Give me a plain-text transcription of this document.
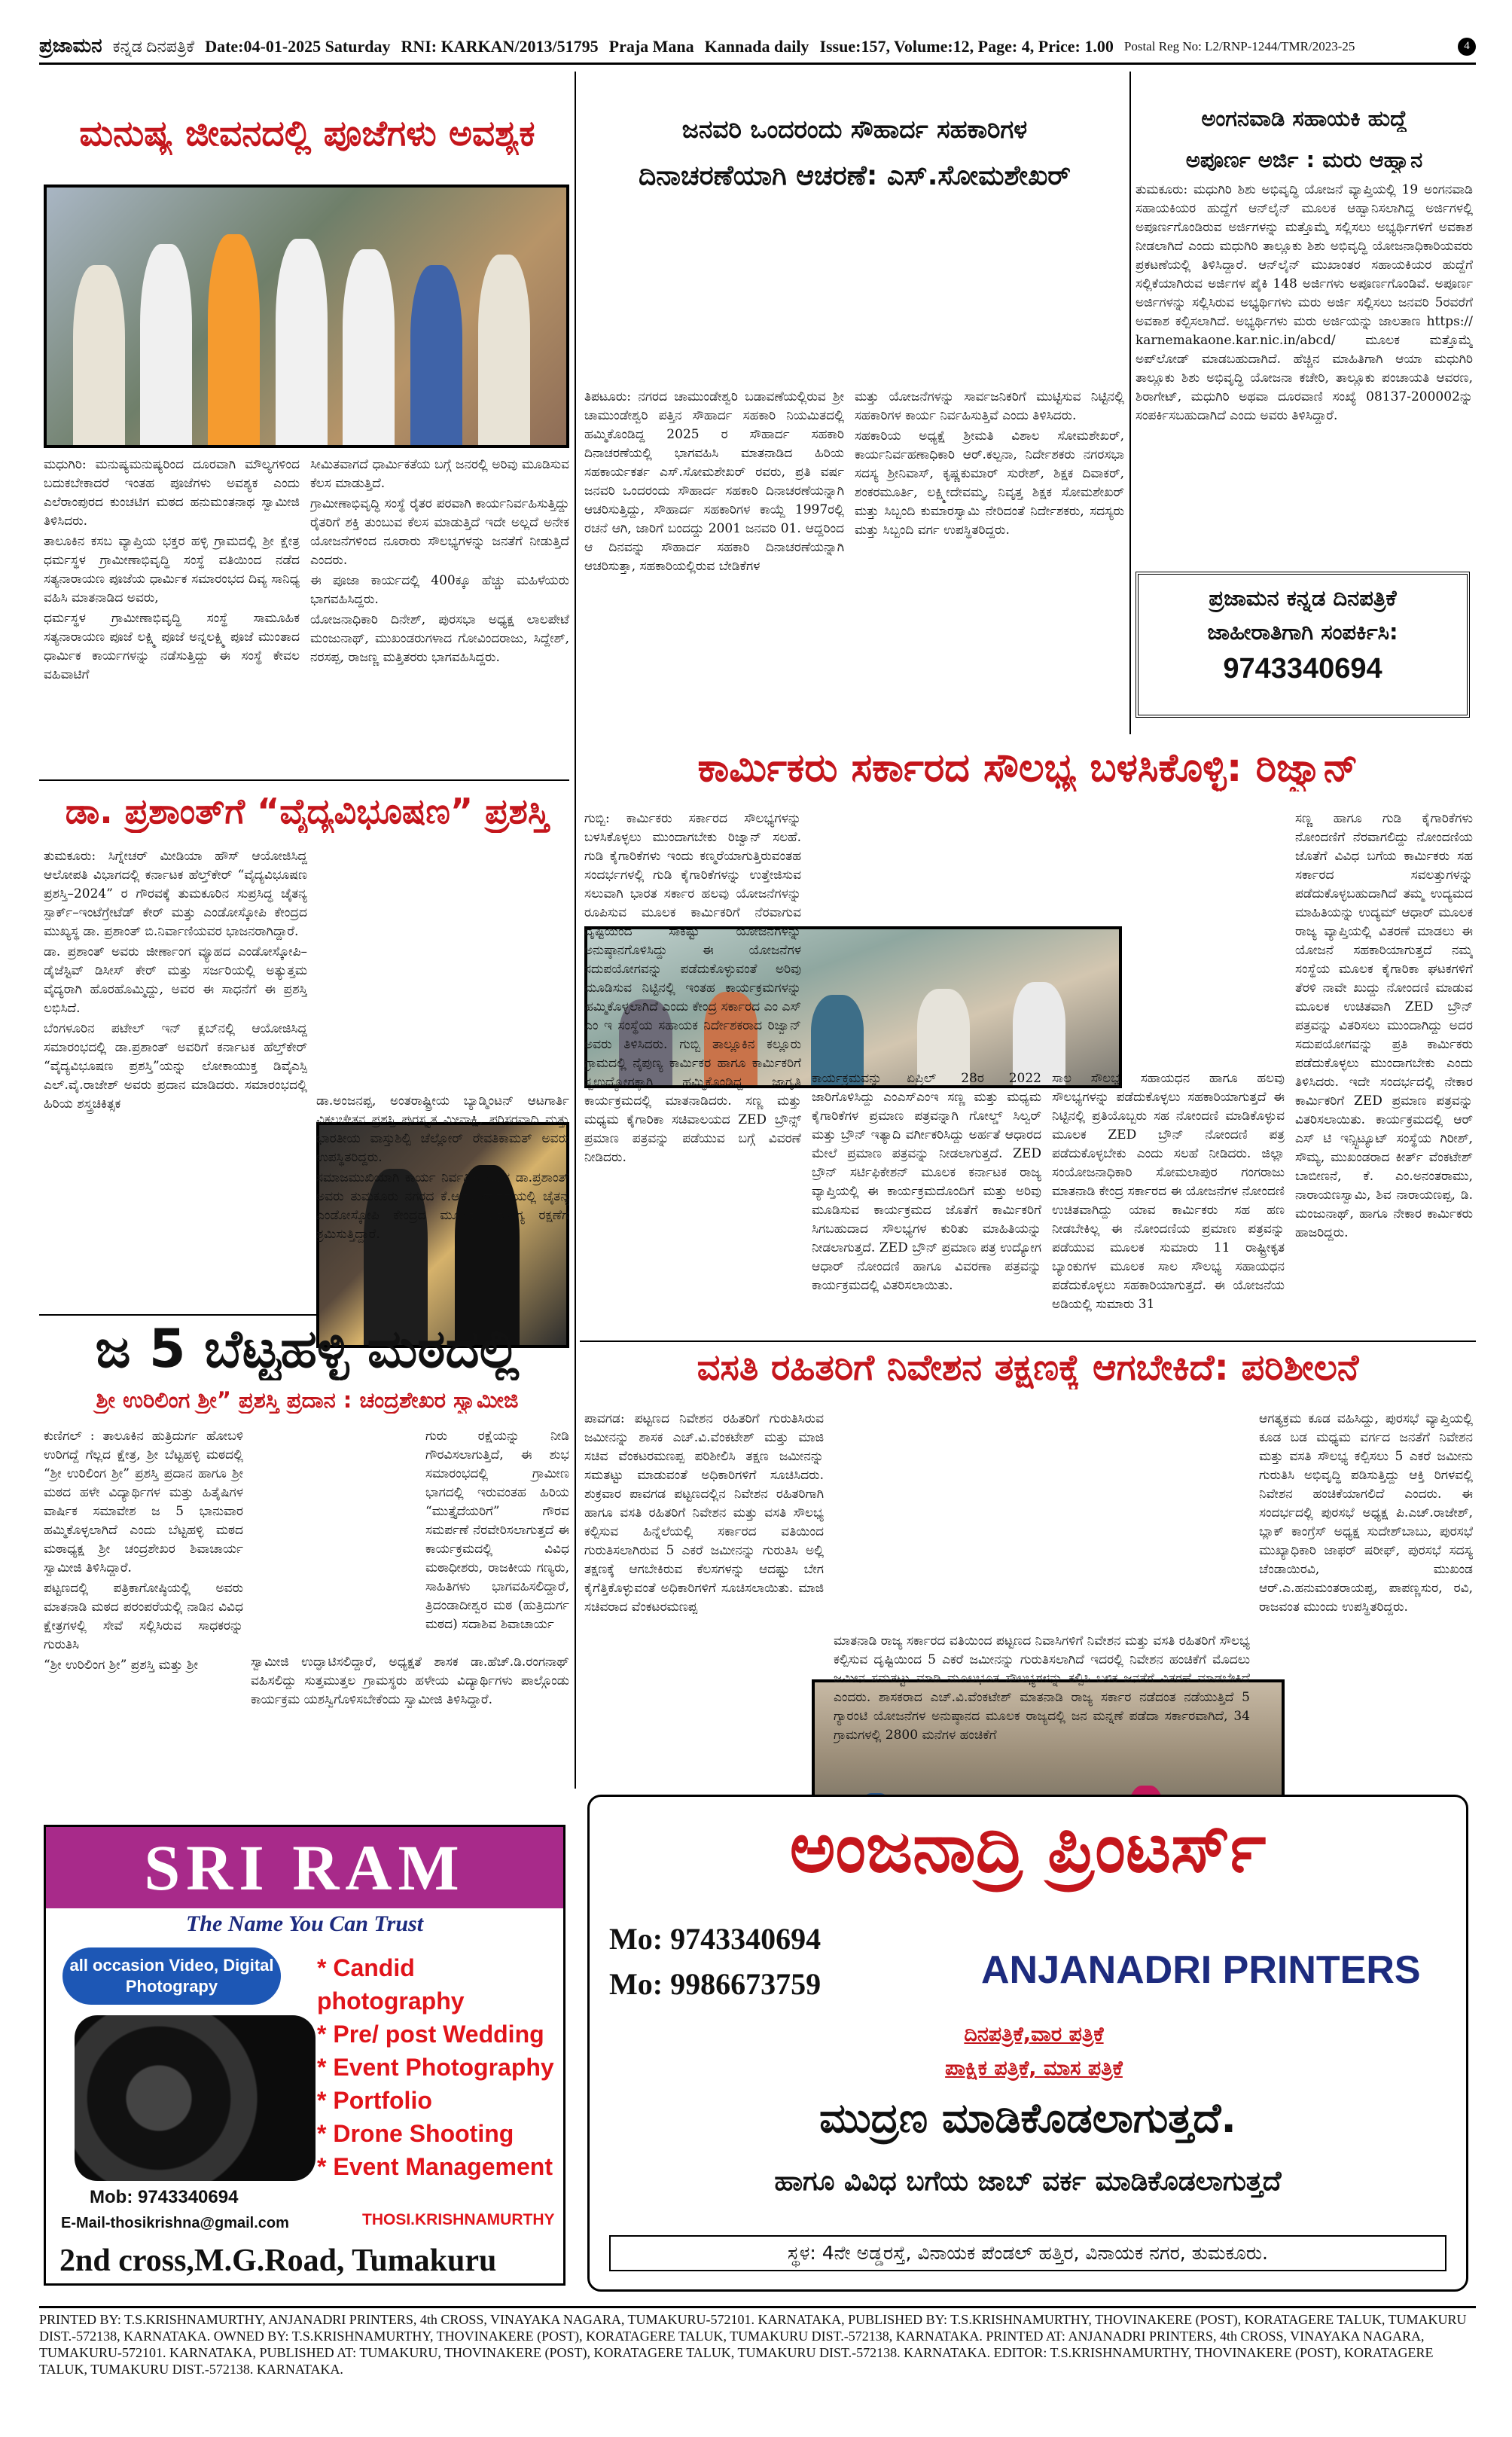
ಪ್ರಜಾಮನ ಕನ್ನಡ ದಿನಪತ್ರಿಕೆ Date:04-01-2025 Saturday RNI: KARKAN/2013/51795 Praja Mana Kannada daily Issue:157, Volume:12, Page: 4, Price: 1.00 Postal Reg No: L2/RNP-1244/TMR/2023-25	4
ಮನುಷ್ಯ ಜೀವನದಲ್ಲಿ ಪೂಜೆಗಳು ಅವಶ್ಯಕ

ಮಧುಗಿರಿ: ಮನುಷ್ಯಮನುಷ್ಯರಿಂದ ದೂರವಾಗಿ ಮೌಲ್ಯಗಳಿಂದ ಬದುಕಬೇಕಾದರೆ ಇಂತಹ ಪೂಜೆಗಳು ಅವಶ್ಯಕ ಎಂದು ಎಲೆರಾಂಪುರದ ಕುಂಚಟಿಗ ಮಠದ ಹನುಮಂತನಾಥ ಸ್ವಾಮೀಜಿ ತಿಳಿಸಿದರು.

ತಾಲೂಕಿನ ಕಸಬ ವ್ಯಾಪ್ತಿಯ ಭಕ್ತರ ಹಳ್ಳಿ ಗ್ರಾಮದಲ್ಲಿ ಶ್ರೀ ಕ್ಷೇತ್ರ ಧರ್ಮಸ್ಥಳ ಗ್ರಾಮೀಣಾಭಿವೃದ್ಧಿ ಸಂಸ್ಥೆ ವತಿಯಿಂದ ನಡೆದ ಸತ್ಯನಾರಾಯಣ ಪೂಜೆಯ ಧಾರ್ಮಿಕ ಸಮಾರಂಭದ ದಿವ್ಯ ಸಾನಿಧ್ಯ ವಹಿಸಿ ಮಾತನಾಡಿದ ಅವರು,

ಧರ್ಮಸ್ಥಳ ಗ್ರಾಮೀಣಾಭಿವೃದ್ಧಿ ಸಂಸ್ಥೆ ಸಾಮೂಹಿಕ ಸತ್ಯನಾರಾಯಣ ಪೂಜೆ ಲಕ್ಷ್ಮಿ ಪೂಜೆ ಅನ್ನಲಕ್ಷ್ಮಿ ಪೂಜೆ ಮುಂತಾದ ಧಾರ್ಮಿಕ ಕಾರ್ಯಗಳನ್ನು ನಡೆಸುತ್ತಿದ್ದು ಈ ಸಂಸ್ಥೆ ಕೇವಲ ವಹಿವಾಟಿಗೆ

ಸೀಮಿತವಾಗದೆ ಧಾರ್ಮಿಕತೆಯ ಬಗ್ಗೆ ಜನರಲ್ಲಿ ಅರಿವು ಮೂಡಿಸುವ ಕೆಲಸ ಮಾಡುತ್ತಿದೆ.

ಗ್ರಾಮೀಣಾಭಿವೃದ್ಧಿ ಸಂಸ್ಥೆ ರೈತರ ಪರವಾಗಿ ಕಾರ್ಯನಿರ್ವಹಿಸುತ್ತಿದ್ದು ರೈತರಿಗೆ ಶಕ್ತಿ ತುಂಬುವ ಕೆಲಸ ಮಾಡುತ್ತಿದೆ ಇದೇ ಅಲ್ಲದೆ ಅನೇಕ ಯೋಜನೆಗಳಿಂದ ನೂರಾರು ಸೌಲಭ್ಯಗಳನ್ನು ಜನತೆಗೆ ನೀಡುತ್ತಿದೆ ಎಂದರು.

ಈ ಪೂಜಾ ಕಾರ್ಯದಲ್ಲಿ 400ಕ್ಕೂ ಹೆಚ್ಚು ಮಹಿಳೆಯರು ಭಾಗವಹಿಸಿದ್ದರು.

ಯೋಜನಾಧಿಕಾರಿ ದಿನೇಶ್, ಪುರಸಭಾ ಅಧ್ಯಕ್ಷ ಲಾಲಪೇಟೆ ಮಂಜುನಾಥ್, ಮುಖಂಡರುಗಳಾದ ಗೋವಿಂದರಾಜು, ಸಿದ್ದೇಶ್, ನರಸಪ್ಪ, ರಾಜಣ್ಣ ಮತ್ತಿತರರು ಭಾಗವಹಿಸಿದ್ದರು.

ಡಾ. ಪ್ರಶಾಂತ್‌ಗೆ “ವೈದ್ಯವಿಭೂಷಣ” ಪ್ರಶಸ್ತಿ

ತುಮಕೂರು: ಸಿಗ್ನೇಚರ್ ಮೀಡಿಯಾ ಹೌಸ್ ಆಯೋಜಿಸಿದ್ದ ಆಲೋಪತಿ ವಿಭಾಗದಲ್ಲಿ ಕರ್ನಾಟಕ ಹೆಲ್ತ್‌ಕೇರ್ “ವೈದ್ಯವಿಭೂಷಣ ಪ್ರಶಸ್ತಿ–2024” ರ ಗೌರವಕ್ಕೆ ತುಮಕೂರಿನ ಸುಪ್ರಸಿದ್ಧ ಚೈತನ್ಯ ಸ್ಪಾರ್ಕ್–ಇಂಟೆಗ್ರೇಟೆಡ್ ಕೇರ್ ಮತ್ತು ಎಂಡೋಸ್ಕೋಪಿ ಕೇಂದ್ರದ ಮುಖ್ಯಸ್ಥ ಡಾ. ಪ್ರಶಾಂತ್ ಬಿ.ನಿರ್ವಾಣಿಯವರ ಭಾಜನರಾಗಿದ್ದಾರೆ.

ಡಾ. ಪ್ರಶಾಂತ್ ಅವರು ಜೀರ್ಣಾಂಗ ವ್ಯೂಹದ ಎಂಡೋಸ್ಕೋಪಿ–ಡೈಜೆಸ್ಟಿವ್ ಡಿಸೀಸ್ ಕೇರ್ ಮತ್ತು ಸರ್ಜರಿಯಲ್ಲಿ ಅತ್ಯುತ್ತಮ ವೈದ್ಯರಾಗಿ ಹೊರಹೊಮ್ಮಿದ್ದು, ಅವರ ಈ ಸಾಧನೆಗೆ ಈ ಪ್ರಶಸ್ತಿ ಲಭಿಸಿದೆ.

ಬೆಂಗಳೂರಿನ ಪಟೇಲ್ ಇನ್ ಕ್ಲಬ್‌ನಲ್ಲಿ ಆಯೋಜಿಸಿದ್ದ ಸಮಾರಂಭದಲ್ಲಿ ಡಾ.ಪ್ರಶಾಂತ್ ಅವರಿಗೆ ಕರ್ನಾಟಕ ಹೆಲ್ತ್‌ಕೇರ್ “ವೈದ್ಯವಿಭೂಷಣ ಪ್ರಶಸ್ತಿ”ಯನ್ನು ಲೋಕಾಯುಕ್ತ ಡಿವೈಎಸ್ಪಿ ಎಲ್.ವೈ.ರಾಜೇಶ್ ಅವರು ಪ್ರದಾನ ಮಾಡಿದರು. ಸಮಾರಂಭದಲ್ಲಿ ಹಿರಿಯ ಶಸ್ತ್ರಚಿಕಿತ್ಸಕ	ಡಾ.ಅಂಜನಪ್ಪ, ಅಂತರಾಷ್ಟ್ರೀಯ ಬ್ಯಾಡ್ಮಿಂಟನ್ ಆಟಗಾರ್ತಿ ವಿಕಲಚೇತನ ಪ್ರಶಸ್ತಿ ಪುರಸ್ಕೃತ ಮೀನಾಕ್ಷಿ, ಪರಿಸರವಾದಿ ಮತ್ತು ಭಾರತೀಯ ವಾಸ್ತುಶಿಲ್ಪಿ ಚೆಲ್ಲೋರ್ ರೇವತಿಕಾಮತ್ ಅವರು ಉಪಸ್ಥಿತರಿದ್ದರು.

ಸಮಾಜಮುಖಿಯಾಗಿ ಕಾರ್ಯ ನಿರ್ವಹಿಸುತ್ತಿರುವ ಡಾ.ಪ್ರಶಾಂತ್ ಅವರು ತುಮಕೂರು ನಗರದ ಕೆ.ಆರ್.ಬಡಾವಣೆಯಲ್ಲಿ ಚೈತನ್ಯ ಎಂಡೋಸ್ಕೋಪಿ ಕೇಂದ್ರದ ಮೂಲಕ ಆರೋಗ್ಯ ರಕ್ಷಣೆಗೆ ಶ್ರಮಿಸುತ್ತಿದ್ದಾರೆ.

ಜ 5 ಬೆಟ್ಟಹಳ್ಳಿ ಮಠದಲ್ಲಿ
ಶ್ರೀ ಉರಿಲಿಂಗ ಶ್ರೀ” ಪ್ರಶಸ್ತಿ ಪ್ರದಾನ : ಚಂದ್ರಶೇಖರ ಸ್ವಾಮೀಜಿ

ಕುಣಿಗಲ್ : ತಾಲೂಕಿನ ಹುತ್ರಿದುರ್ಗ ಹೋಬಳಿ ಉರಿಗದ್ದೆ ಗೆಲ್ಲದ ಕ್ಷೇತ್ರ, ಶ್ರೀ ಬೆಟ್ಟಹಳ್ಳಿ ಮಠದಲ್ಲಿ “ಶ್ರೀ ಉರಿಲಿಂಗ ಶ್ರೀ” ಪ್ರಶಸ್ತಿ ಪ್ರದಾನ ಹಾಗೂ ಶ್ರೀ ಮಠದ ಹಳೇ ವಿದ್ಯಾರ್ಥಿಗಳ ಮತ್ತು ಹಿತೈಷಿಗಳ ವಾರ್ಷಿಕ ಸಮಾವೇಶ ಜ 5 ಭಾನುವಾರ ಹಮ್ಮಿಕೊಳ್ಳಲಾಗಿದೆ ಎಂದು ಬೆಟ್ಟಹಳ್ಳಿ ಮಠದ ಮಠಾಧ್ಯಕ್ಷ ಶ್ರೀ ಚಂದ್ರಶೇಖರ ಶಿವಾಚಾರ್ಯ ಸ್ವಾಮೀಜಿ ತಿಳಿಸಿದ್ದಾರೆ.

ಪಟ್ಟಣದಲ್ಲಿ ಪತ್ರಿಕಾಗೋಷ್ಠಿಯಲ್ಲಿ ಅವರು ಮಾತನಾಡಿ ಮಠದ ಪರಂಪರೆಯಲ್ಲಿ ನಾಡಿನ ವಿವಿಧ ಕ್ಷೇತ್ರಗಳಲ್ಲಿ ಸೇವೆ ಸಲ್ಲಿಸಿರುವ ಸಾಧಕರನ್ನು ಗುರುತಿಸಿ

“ಶ್ರೀ ಉರಿಲಿಂಗ ಶ್ರೀ” ಪ್ರಶಸ್ತಿ ಮತ್ತು ಶ್ರೀ

ಗುರು ರಕ್ಷೆಯನ್ನು ನೀಡಿ ಗೌರವಿಸಲಾಗುತ್ತಿದೆ, ಈ ಶುಭ ಸಮಾರಂಭದಲ್ಲಿ ಗ್ರಾಮೀಣ ಭಾಗದಲ್ಲಿ ಇರುವಂತಹ ಹಿರಿಯ “ಮುತ್ತೈದೆಯರಿಗೆ” ಗೌರವ ಸಮರ್ಪಣೆ ನೆರವೇರಿಸಲಾಗುತ್ತದೆ ಈ ಕಾರ್ಯಕ್ರಮದಲ್ಲಿ ವಿವಿಧ ಮಠಾಧೀಶರು, ರಾಜಕೀಯ ಗಣ್ಯರು, ಸಾಹಿತಿಗಳು ಭಾಗವಹಿಸಲಿದ್ದಾರೆ, ತ್ರಿದಂಡಾದೀಶ್ವರ ಮಠ (ಹುತ್ರಿದುರ್ಗ ಮಠದ) ಸದಾಶಿವ ಶಿವಾಚಾರ್ಯ

ಸ್ವಾಮೀಜಿ ಉದ್ಘಾಟಿಸಲಿದ್ದಾರೆ, ಅಧ್ಯಕ್ಷತೆ ಶಾಸಕ ಡಾ.ಹೆಚ್.ಡಿ.ರಂಗನಾಥ್ ವಹಿಸಲಿದ್ದು ಸುತ್ತಮುತ್ತಲ ಗ್ರಾಮಸ್ಥರು ಹಳೇಯ ವಿದ್ಯಾರ್ಥಿಗಳು ಪಾಲ್ಗೊಂಡು ಕಾರ್ಯಕ್ರಮ ಯಶಸ್ವಿಗೊಳಿಸಬೇಕೆಂದು ಸ್ವಾಮೀಜಿ ತಿಳಿಸಿದ್ದಾರೆ.

ಜನವರಿ ಒಂದರಂದು ಸೌಹಾರ್ದ ಸಹಕಾರಿಗಳ
ದಿನಾಚರಣೆಯಾಗಿ ಆಚರಣೆ: ಎಸ್.ಸೋಮಶೇಖರ್

ತಿಪಟೂರು: ನಗರದ ಚಾಮುಂಡೇಶ್ವರಿ ಬಡಾವಣೆಯಲ್ಲಿರುವ ಶ್ರೀ ಚಾಮುಂಡೇಶ್ವರಿ ಪತ್ತಿನ ಸೌಹಾರ್ದ ಸಹಕಾರಿ ನಿಯಮಿತದಲ್ಲಿ ಹಮ್ಮಿಕೊಂಡಿದ್ದ 2025 ರ ಸೌಹಾರ್ದ ಸಹಕಾರಿ ದಿನಾಚರಣೆಯಲ್ಲಿ ಭಾಗವಹಿಸಿ ಮಾತನಾಡಿದ ಹಿರಿಯ ಸಹಕಾರ್ಯಕರ್ತ ಎಸ್.ಸೋಮಶೇಖರ್ ರವರು, ಪ್ರತಿ ವರ್ಷ ಜನವರಿ ಒಂದರಂದು ಸೌಹಾರ್ದ ಸಹಕಾರಿ ದಿನಾಚರಣೆಯನ್ನಾಗಿ ಆಚರಿಸುತ್ತಿದ್ದು, ಸೌಹಾರ್ದ ಸಹಕಾರಿಗಳ ಕಾಯ್ದೆ 1997ರಲ್ಲಿ ರಚನೆ ಆಗಿ, ಜಾರಿಗೆ ಬಂದದ್ದು 2001 ಜನವರಿ 01. ಆದ್ದರಿಂದ ಆ ದಿನವನ್ನು ಸೌಹಾರ್ದ ಸಹಕಾರಿ ದಿನಾಚರಣೆಯನ್ನಾಗಿ ಆಚರಿಸುತ್ತಾ, ಸಹಕಾರಿಯಲ್ಲಿರುವ ಬೇಡಿಕೆಗಳ

ಮತ್ತು ಯೋಜನೆಗಳನ್ನು ಸಾರ್ವಜನಿಕರಿಗೆ ಮುಟ್ಟಿಸುವ ನಿಟ್ಟಿನಲ್ಲಿ ಸಹಕಾರಿಗಳ ಕಾರ್ಯ ನಿರ್ವಹಿಸುತ್ತಿವೆ ಎಂದು ತಿಳಿಸಿದರು.

ಸಹಕಾರಿಯ ಅಧ್ಯಕ್ಷೆ ಶ್ರೀಮತಿ ವಿಶಾಲ ಸೋಮಶೇಖರ್, ಕಾರ್ಯನಿರ್ವಹಣಾಧಿಕಾರಿ ಆರ್.ಕಲ್ಪನಾ, ನಿರ್ದೇಶಕರು ನಗರಸಭಾ ಸದಸ್ಯ ಶ್ರೀನಿವಾಸ್, ಕೃಷ್ಣಕುಮಾರ್ ಸುರೇಶ್, ಶಿಕ್ಷಕ ದಿವಾಕರ್, ಶಂಕರಮೂರ್ತಿ, ಲಕ್ಷ್ಮೀದೇವಮ್ಮ, ನಿವೃತ್ತ ಶಿಕ್ಷಕ ಸೋಮಶೇಖರ್ ಮತ್ತು ಸಿಬ್ಬಂದಿ ಕುಮಾರಸ್ವಾಮಿ ನೇರಿದಂತೆ ನಿರ್ದೇಶಕರು, ಸದಸ್ಯರು ಮತ್ತು ಸಿಬ್ಬಂದಿ ವರ್ಗ ಉಪಸ್ಥಿತರಿದ್ದರು.

ಅಂಗನವಾಡಿ ಸಹಾಯಕಿ ಹುದ್ದೆ
ಅಪೂರ್ಣ ಅರ್ಜಿ : ಮರು ಆಹ್ವಾನ

ತುಮಕೂರು: ಮಧುಗಿರಿ ಶಿಶು ಅಭಿವೃದ್ಧಿ ಯೋಜನೆ ವ್ಯಾಪ್ತಿಯಲ್ಲಿ 19 ಅಂಗನವಾಡಿ ಸಹಾಯಕಿಯರ ಹುದ್ದೆಗೆ ಆನ್‌ಲೈನ್ ಮೂಲಕ ಆಹ್ವಾನಿಸಲಾಗಿದ್ದ ಅರ್ಜಿಗಳಲ್ಲಿ ಅಪೂರ್ಣಗೊಂಡಿರುವ ಅರ್ಜಿಗಳನ್ನು ಮತ್ತೊಮ್ಮೆ ಸಲ್ಲಿಸಲು ಅಭ್ಯರ್ಥಿಗಳಿಗೆ ಅವಕಾಶ ನೀಡಲಾಗಿದೆ ಎಂದು ಮಧುಗಿರಿ ತಾಲ್ಲೂಕು ಶಿಶು ಅಭಿವೃದ್ಧಿ ಯೋಜನಾಧಿಕಾರಿಯವರು ಪ್ರಕಟಣೆಯಲ್ಲಿ ತಿಳಿಸಿದ್ದಾರೆ. ಆನ್‌ಲೈನ್ ಮುಖಾಂತರ ಸಹಾಯಕಿಯರ ಹುದ್ದೆಗೆ ಸಲ್ಲಿಕೆಯಾಗಿರುವ ಅರ್ಜಿಗಳ ಪೈಕಿ 148 ಅರ್ಜಿಗಳು ಅಪೂರ್ಣಗೊಂಡಿವೆ. ಅಪೂರ್ಣ ಅರ್ಜಿಗಳನ್ನು ಸಲ್ಲಿಸಿರುವ ಅಭ್ಯರ್ಥಿಗಳು ಮರು ಅರ್ಜಿ ಸಲ್ಲಿಸಲು ಜನವರಿ 5ರವರೆಗೆ ಅವಕಾಶ ಕಲ್ಪಿಸಲಾಗಿದೆ. ಅಭ್ಯರ್ಥಿಗಳು ಮರು ಅರ್ಜಿಯನ್ನು ಜಾಲತಾಣ https:// karnemakaone.kar.nic.in/abcd/ ಮೂಲಕ ಮತ್ತೊಮ್ಮೆ ಅಪ್‌ಲೋಡ್ ಮಾಡಬಹುದಾಗಿದೆ. ಹೆಚ್ಚಿನ ಮಾಹಿತಿಗಾಗಿ ಆಯಾ ಮಧುಗಿರಿ ತಾಲ್ಲೂಕು ಶಿಶು ಅಭಿವೃದ್ಧಿ ಯೋಜನಾ ಕಚೇರಿ, ತಾಲ್ಲೂಕು ಪಂಚಾಯತಿ ಆವರಣ, ಶಿರಾಗೇಟ್, ಮಧುಗಿರಿ ಅಥವಾ ದೂರವಾಣಿ ಸಂಖ್ಯೆ 08137-200002ನ್ನು ಸಂಪರ್ಕಿಸಬಹುದಾಗಿದೆ ಎಂದು ಅವರು ತಿಳಿಸಿದ್ದಾರೆ.

ಪ್ರಜಾಮನ ಕನ್ನಡ ದಿನಪತ್ರಿಕೆ
ಜಾಹೀರಾತಿಗಾಗಿ ಸಂಪರ್ಕಿಸಿ:
9743340694
ಕಾರ್ಮಿಕರು ಸರ್ಕಾರದ ಸೌಲಭ್ಯ ಬಳಸಿಕೊಳ್ಳಿ: ರಿಜ್ವಾನ್

ಗುಬ್ಬಿ: ಕಾರ್ಮಿಕರು ಸರ್ಕಾರದ ಸೌಲಭ್ಯಗಳನ್ನು ಬಳಸಿಕೊಳ್ಳಲು ಮುಂದಾಗಬೇಕು ರಿಜ್ವಾನ್ ಸಲಹೆ. ಗುಡಿ ಕೈಗಾರಿಕೆಗಳು ಇಂದು ಕಣ್ಮರೆಯಾಗುತ್ತಿರುವಂತಹ ಸಂದರ್ಭಗಳಲ್ಲಿ ಗುಡಿ ಕೈಗಾರಿಕೆಗಳನ್ನು ಉತ್ತೇಜಿಸುವ ಸಲುವಾಗಿ ಭಾರತ ಸರ್ಕಾರ ಹಲವು ಯೋಜನೆಗಳನ್ನು ರೂಪಿಸುವ ಮೂಲಕ ಕಾರ್ಮಿಕರಿಗೆ ನೆರವಾಗುವ ದೃಷ್ಟಿಯಿಂದ ಸಾಕಷ್ಟು ಯೋಜನೆಗಳನ್ನು ಅನುಷ್ಠಾನಗೊಳಿಸಿದ್ದು ಈ ಯೋಜನೆಗಳ ಸದುಪಯೋಗವನ್ನು ಪಡೆದುಕೊಳ್ಳುವಂತೆ ಅರಿವು ಮೂಡಿಸುವ ನಿಟ್ಟಿನಲ್ಲಿ ಇಂತಹ ಕಾರ್ಯಕ್ರಮಗಳನ್ನು ಹಮ್ಮಿಕೊಳ್ಳಲಾಗಿದೆ ಎಂದು ಕೇಂದ್ರ ಸರ್ಕಾರದ ಎಂ ಎಸ್ ಎಂ ಇ ಸಂಸ್ಥೆಯ ಸಹಾಯಕ ನಿರ್ದೇಶಕರಾದ ರಿಜ್ವಾನ್ ಅವರು ತಿಳಿಸಿದರು. ಗುಬ್ಬಿ ತಾಲ್ಲೂಕಿನ ಕಲ್ಲೂರು ಗ್ರಾಮದಲ್ಲಿ ನೈಪುಣ್ಯ ಕಾರ್ಮಿಕರ ಹಾಗೂ ಕಾರ್ಮಿಕರಿಗೆ ಸ್ವಉದ್ಯೋಗಕ್ಕಾಗಿ ಹಮ್ಮಿಕೊಂಡಿದ್ದ ಜಾಗೃತಿ ಕಾರ್ಯಕ್ರಮದಲ್ಲಿ ಮಾತನಾಡಿದರು. ಸಣ್ಣ ಮತ್ತು ಮಧ್ಯಮ ಕೈಗಾರಿಕಾ ಸಚಿವಾಲಯದ ZED ಬ್ರೌನ್ಸ್ ಪ್ರಮಾಣ ಪತ್ರವನ್ನು ಪಡೆಯುವ ಬಗ್ಗೆ ವಿವರಣೆ ನೀಡಿದರು.

ಕಾರ್ಯಕ್ರಮವನ್ನು ಏಪ್ರಿಲ್ 28ರ 2022 ಜಾರಿಗೊಳಿಸಿದ್ದು ಎಂಎಸ್ಎಂಇ ಸಣ್ಣ ಮತ್ತು ಮಧ್ಯಮ ಕೈಗಾರಿಕೆಗಳ ಪ್ರಮಾಣ ಪತ್ರವನ್ನಾಗಿ ಗೋಲ್ಡ್ ಸಿಲ್ವರ್ ಮತ್ತು ಬ್ರೌನ್ ಇತ್ಯಾದಿ ವರ್ಗೀಕರಿಸಿದ್ದು ಅರ್ಹತೆ ಆಧಾರದ ಮೇಲೆ ಪ್ರಮಾಣ ಪತ್ರವನ್ನು ನೀಡಲಾಗುತ್ತದೆ. ZED ಬ್ರೌನ್ ಸರ್ಟಿಫಿಕೇಶನ್ ಮೂಲಕ ಕರ್ನಾಟಕ ರಾಜ್ಯ ವ್ಯಾಪ್ತಿಯಲ್ಲಿ ಈ ಕಾರ್ಯಕ್ರಮದೊಂದಿಗೆ ಮತ್ತು ಅರಿವು ಮೂಡಿಸುವ ಕಾರ್ಯಕ್ರಮದ ಜೊತೆಗೆ ಕಾರ್ಮಿಕರಿಗೆ ಸಿಗಬಹುದಾದ ಸೌಲಭ್ಯಗಳ ಕುರಿತು ಮಾಹಿತಿಯನ್ನು ನೀಡಲಾಗುತ್ತದೆ. ZED ಬ್ರೌನ್ ಪ್ರಮಾಣ ಪತ್ರ ಉದ್ಯೋಗ ಆಧಾರ್ ನೋಂದಣಿ ಹಾಗೂ ವಿವರಣಾ ಪತ್ರವನ್ನು ಕಾರ್ಯಕ್ರಮದಲ್ಲಿ ವಿತರಿಸಲಾಯಿತು.

ಸಾಲ ಸೌಲಭ್ಯ ಸಹಾಯಧನ ಹಾಗೂ ಹಲವು ಸೌಲಭ್ಯಗಳನ್ನು ಪಡೆದುಕೊಳ್ಳಲು ಸಹಕಾರಿಯಾಗುತ್ತದೆ ಈ ನಿಟ್ಟಿನಲ್ಲಿ ಪ್ರತಿಯೊಬ್ಬರು ಸಹ ನೋಂದಣಿ ಮಾಡಿಕೊಳ್ಳುವ ಮೂಲಕ ZED ಬ್ರೌನ್ ನೋಂದಣಿ ಪತ್ರ ಪಡೆದುಕೊಳ್ಳಬೇಕು ಎಂದು ಸಲಹೆ ನೀಡಿದರು. ಜಿಲ್ಲಾ ಸಂಯೋಜನಾಧಿಕಾರಿ ಸೋಮಲಾಪುರ ಗಂಗರಾಜು ಮಾತನಾಡಿ ಕೇಂದ್ರ ಸರ್ಕಾರದ ಈ ಯೋಜನೆಗಳ ನೋಂದಣಿ ಉಚಿತವಾಗಿದ್ದು ಯಾವ ಕಾರ್ಮಿಕರು ಸಹ ಹಣ ನೀಡಬೇಕಿಲ್ಲ ಈ ನೋಂದಣಿಯ ಪ್ರಮಾಣ ಪತ್ರವನ್ನು ಪಡೆಯುವ ಮೂಲಕ ಸುಮಾರು 11 ರಾಷ್ಟ್ರೀಕೃತ ಬ್ಯಾಂಕುಗಳ ಮೂಲಕ ಸಾಲ ಸೌಲಭ್ಯ ಸಹಾಯಧನ ಪಡೆದುಕೊಳ್ಳಲು ಸಹಕಾರಿಯಾಗುತ್ತದೆ. ಈ ಯೋಜನೆಯ ಅಡಿಯಲ್ಲಿ ಸುಮಾರು 31

ಸಣ್ಣ ಹಾಗೂ ಗುಡಿ ಕೈಗಾರಿಕೆಗಳು ನೋಂದಣಿಗೆ ನೆರವಾಗಲಿದ್ದು ನೋಂದಣಿಯ ಜೊತೆಗೆ ವಿವಿಧ ಬಗೆಯ ಕಾರ್ಮಿಕರು ಸಹ ಸರ್ಕಾರದ ಸವಲತ್ತುಗಳನ್ನು ಪಡೆದುಕೊಳ್ಳಬಹುದಾಗಿದೆ ತಮ್ಮ ಉದ್ಯಮದ ಮಾಹಿತಿಯನ್ನು ಉದ್ಯಮ್ ಆಧಾರ್ ಮೂಲಕ ರಾಜ್ಯ ವ್ಯಾಪ್ತಿಯಲ್ಲಿ ವಿತರಣೆ ಮಾಡಲು ಈ ಯೋಜನೆ ಸಹಕಾರಿಯಾಗುತ್ತದೆ ನಮ್ಮ ಸಂಸ್ಥೆಯ ಮೂಲಕ ಕೈಗಾರಿಕಾ ಘಟಕಗಳಿಗೆ ತೆರಳಿ ನಾವೇ ಖುದ್ದು ನೋಂದಣಿ ಮಾಡುವ ಮೂಲಕ ಉಚಿತವಾಗಿ ZED ಬ್ರೌನ್ ಪತ್ರವನ್ನು ವಿತರಿಸಲು ಮುಂದಾಗಿದ್ದು ಅದರ ಸದುಪಯೋಗವನ್ನು ಪ್ರತಿ ಕಾರ್ಮಿಕರು ಪಡೆದುಕೊಳ್ಳಲು ಮುಂದಾಗಬೇಕು ಎಂದು ತಿಳಿಸಿದರು. ಇದೇ ಸಂದರ್ಭದಲ್ಲಿ ನೇಕಾರ ಕಾರ್ಮಿಕರಿಗೆ ZED ಪ್ರಮಾಣ ಪತ್ರವನ್ನು ವಿತರಿಸಲಾಯಿತು. ಕಾರ್ಯಕ್ರಮದಲ್ಲಿ ಆರ್ ಎಸ್ ಟಿ ಇನ್ಸ್ಟಿಟ್ಯೂಟ್ ಸಂಸ್ಥೆಯ ಗಿರೀಶ್, ಸೌಮ್ಯ, ಮುಖಂಡರಾದ ಕೀರ್ತ್ ವೆಂಕಟೇಶ್ ಬಾಬೀಣನೆ, ಕೆ. ಎಂ.ಅನಂತರಾಮು, ನಾರಾಯಣಸ್ವಾಮಿ, ಶಿವ ನಾರಾಯಣಪ್ಪ, ಡಿ. ಮಂಜುನಾಥ್, ಹಾಗೂ ನೇಕಾರ ಕಾರ್ಮಿಕರು ಹಾಜರಿದ್ದರು.

ವಸತಿ ರಹಿತರಿಗೆ ನಿವೇಶನ ತಕ್ಷಣಕ್ಕೆ ಆಗಬೇಕಿದೆ: ಪರಿಶೀಲನೆ

ಪಾವಗಡ: ಪಟ್ಟಣದ ನಿವೇಶನ ರಹಿತರಿಗೆ ಗುರುತಿಸಿರುವ ಜಮೀನನ್ನು ಶಾಸಕ ಎಚ್.ವಿ.ವೆಂಕಟೇಶ್ ಮತ್ತು ಮಾಜಿ ಸಚಿವ ವೆಂಕಟರಮಣಪ್ಪ ಪರಿಶೀಲಿಸಿ ತಕ್ಷಣ ಜಮೀನನ್ನು ಸಮತಟ್ಟು ಮಾಡುವಂತೆ ಅಧಿಕಾರಿಗಳಿಗೆ ಸೂಚಿಸಿದರು. ಶುಕ್ರವಾರ ಪಾವಗಡ ಪಟ್ಟಣದಲ್ಲಿನ ನಿವೇಶನ ರಹಿತರಿಗಾಗಿ ಹಾಗೂ ವಸತಿ ರಹಿತರಿಗೆ ನಿವೇಶನ ಮತ್ತು ವಸತಿ ಸೌಲಭ್ಯ ಕಲ್ಪಿಸುವ ಹಿನ್ನೆಲೆಯಲ್ಲಿ ಸರ್ಕಾರದ ವತಿಯಿಂದ ಗುರುತಿಸಲಾಗಿರುವ 5 ಎಕರೆ ಜಮೀನನ್ನು ಗುರುತಿಸಿ ಅಲ್ಲಿ ತಕ್ಷಣಕ್ಕೆ ಆಗಬೇಕಿರುವ ಕೆಲಸಗಳನ್ನು ಆದಷ್ಟು ಬೇಗ ಕೈಗೆತ್ತಿಕೊಳ್ಳುವಂತೆ ಅಧಿಕಾರಿಗಳಿಗೆ ಸೂಚಿಸಲಾಯಿತು. ಮಾಜಿ ಸಚಿವರಾದ ವೆಂಕಟರಮಣಪ್ಪ

ಮಾತನಾಡಿ ರಾಜ್ಯ ಸರ್ಕಾರದ ವತಿಯಿಂದ ಪಟ್ಟಣದ ನಿವಾಸಿಗಳಿಗೆ ನಿವೇಶನ ಮತ್ತು ವಸತಿ ರಹಿತರಿಗೆ ಸೌಲಭ್ಯ ಕಲ್ಪಿಸುವ ದೃಷ್ಟಿಯಿಂದ 5 ಎಕರೆ ಜಮೀನನ್ನು ಗುರುತಿಸಲಾಗಿದೆ ಇದರಲ್ಲಿ ನಿವೇಶನ ಹಂಚಿಕೆಗೆ ಮೊದಲು ಜಮೀನ ಸಮತಟ್ಟು ಮಾಡಿ ಮೂಲಭೂತ ಸೌಲಭ್ಯಗಳನ್ನು ಕಲ್ಪಿಸಿ ಬಳಿಕ ಜನತೆಗೆ ವಿತರಣೆ ಮಾಡಬೇಕಿದೆ ಎಂದರು. ಶಾಸಕರಾದ ಎಚ್.ವಿ.ವೆಂಕಟೇಶ್ ಮಾತನಾಡಿ ರಾಜ್ಯ ಸರ್ಕಾರ ನಡೆದಂತ ನಡೆಯುತ್ತಿದೆ 5 ಗ್ಯಾರಂಟಿ ಯೋಜನೆಗಳ ಅನುಷ್ಠಾನದ ಮೂಲಕ ರಾಜ್ಯದಲ್ಲಿ ಜನ ಮನ್ನಣೆ ಪಡೆದಾ ಸರ್ಕಾರವಾಗಿದೆ, 34 ಗ್ರಾಮಗಳಲ್ಲಿ 2800 ಮನೆಗಳ ಹಂಚಿಕೆಗೆ

ಆಗತ್ಯಕ್ರಮ ಕೂಡ ವಹಿಸಿದ್ದು, ಪುರಸಭೆ ವ್ಯಾಪ್ತಿಯಲ್ಲಿ ಕೂಡ ಬಡ ಮಧ್ಯಮ ವರ್ಗದ ಜನತೆಗೆ ನಿವೇಶನ ಮತ್ತು ವಸತಿ ಸೌಲಭ್ಯ ಕಲ್ಪಿಸಲು 5 ಎಕರೆ ಜಮೀನು ಗುರುತಿಸಿ ಅಭಿವೃದ್ಧಿ ಪಡಿಸುತ್ತಿದ್ದು ಆಕ್ತಿ ರಿಗಳವಲ್ಲಿ ನಿವೇಶನ ಹಂಚಿಕೆಯಾಗಲಿದೆ ಎಂದರು. ಈ ಸಂದರ್ಭದಲ್ಲಿ ಪುರಸಭೆ ಅಧ್ಯಕ್ಷ ಪಿ.ಎಚ್.ರಾಜೇಶ್, ಬ್ಲಾಕ್ ಕಾಂಗ್ರೆಸ್ ಅಧ್ಯಕ್ಷ ಸುದೇಶ್‌ಬಾಬು, ಪುರಸಭೆ ಮುಖ್ಯಾಧಿಕಾರಿ ಜಾಫರ್ ಷರೀಫ್, ಪುರಸಭೆ ಸದಸ್ಯ ಚೆಂಡಾಯಿರವಿ, ಮುಖಂಡ ಆರ್.ಎ.ಹನುಮಂತರಾಯಪ್ಪ, ಪಾಪಣ್ಣಸುರ, ರವಿ, ರಾಜವಂತ ಮುಂದು ಉಪಸ್ಥಿತರಿದ್ದರು.

SRI RAM
The Name You Can Trust
all occasion Video, Digital Photograpy
* Candid photography
* Pre/ post Wedding
* Event Photography
* Portfolio
* Drone Shooting
* Event Management
Mob: 9743340694
E-Mail-thosikrishna@gmail.com	THOSI.KRISHNAMURTHY
2nd cross,M.G.Road, Tumakuru
ಅಂಜನಾದ್ರಿ ಪ್ರಿಂಟರ್ಸ್
Mo: 9743340694
Mo: 9986673759	ANJANADRI PRINTERS
ದಿನಪತ್ರಿಕೆ,ವಾರ ಪತ್ರಿಕೆ
ಪಾಕ್ಷಿಕ ಪತ್ರಿಕೆ, ಮಾಸ ಪತ್ರಿಕೆ
ಮುದ್ರಣ ಮಾಡಿಕೊಡಲಾಗುತ್ತದೆ.
ಹಾಗೂ ವಿವಿಧ ಬಗೆಯ ಜಾಬ್ ವರ್ಕ ಮಾಡಿಕೊಡಲಾಗುತ್ತದೆ
ಸ್ಥಳ: 4ನೇ ಅಡ್ಡರಸ್ತೆ, ವಿನಾಯಕ ಪೆಂಡಲ್ ಹತ್ತಿರ, ವಿನಾಯಕ ನಗರ, ತುಮಕೂರು.
PRINTED BY: T.S.KRISHNAMURTHY, ANJANADRI PRINTERS, 4th CROSS, VINAYAKA NAGARA, TUMAKURU-572101. KARNATAKA, PUBLISHED BY: T.S.KRISHNAMURTHY, THOVINAKERE (POST), KORATAGERE TALUK, TUMAKURU DIST.-572138, KARNATAKA. OWNED BY: T.S.KRISHNAMURTHY, THOVINAKERE (POST), KORATAGERE TALUK, TUMAKURU DIST.-572138, KARNATAKA. PRINTED AT: ANJANADRI PRINTERS, 4th CROSS, VINAYAKA NAGARA, TUMAKURU-572101. KARNATAKA, PUBLISHED AT: TUMAKURU, THOVINAKERE (POST), KORATAGERE TALUK, TUMAKURU DIST.-572138. KARNATAKA. EDITOR: T.S.KRISHNAMURTHY, THOVINAKERE (POST), KORATAGERE TALUK, TUMAKURU DIST.-572138. KARNATAKA.
